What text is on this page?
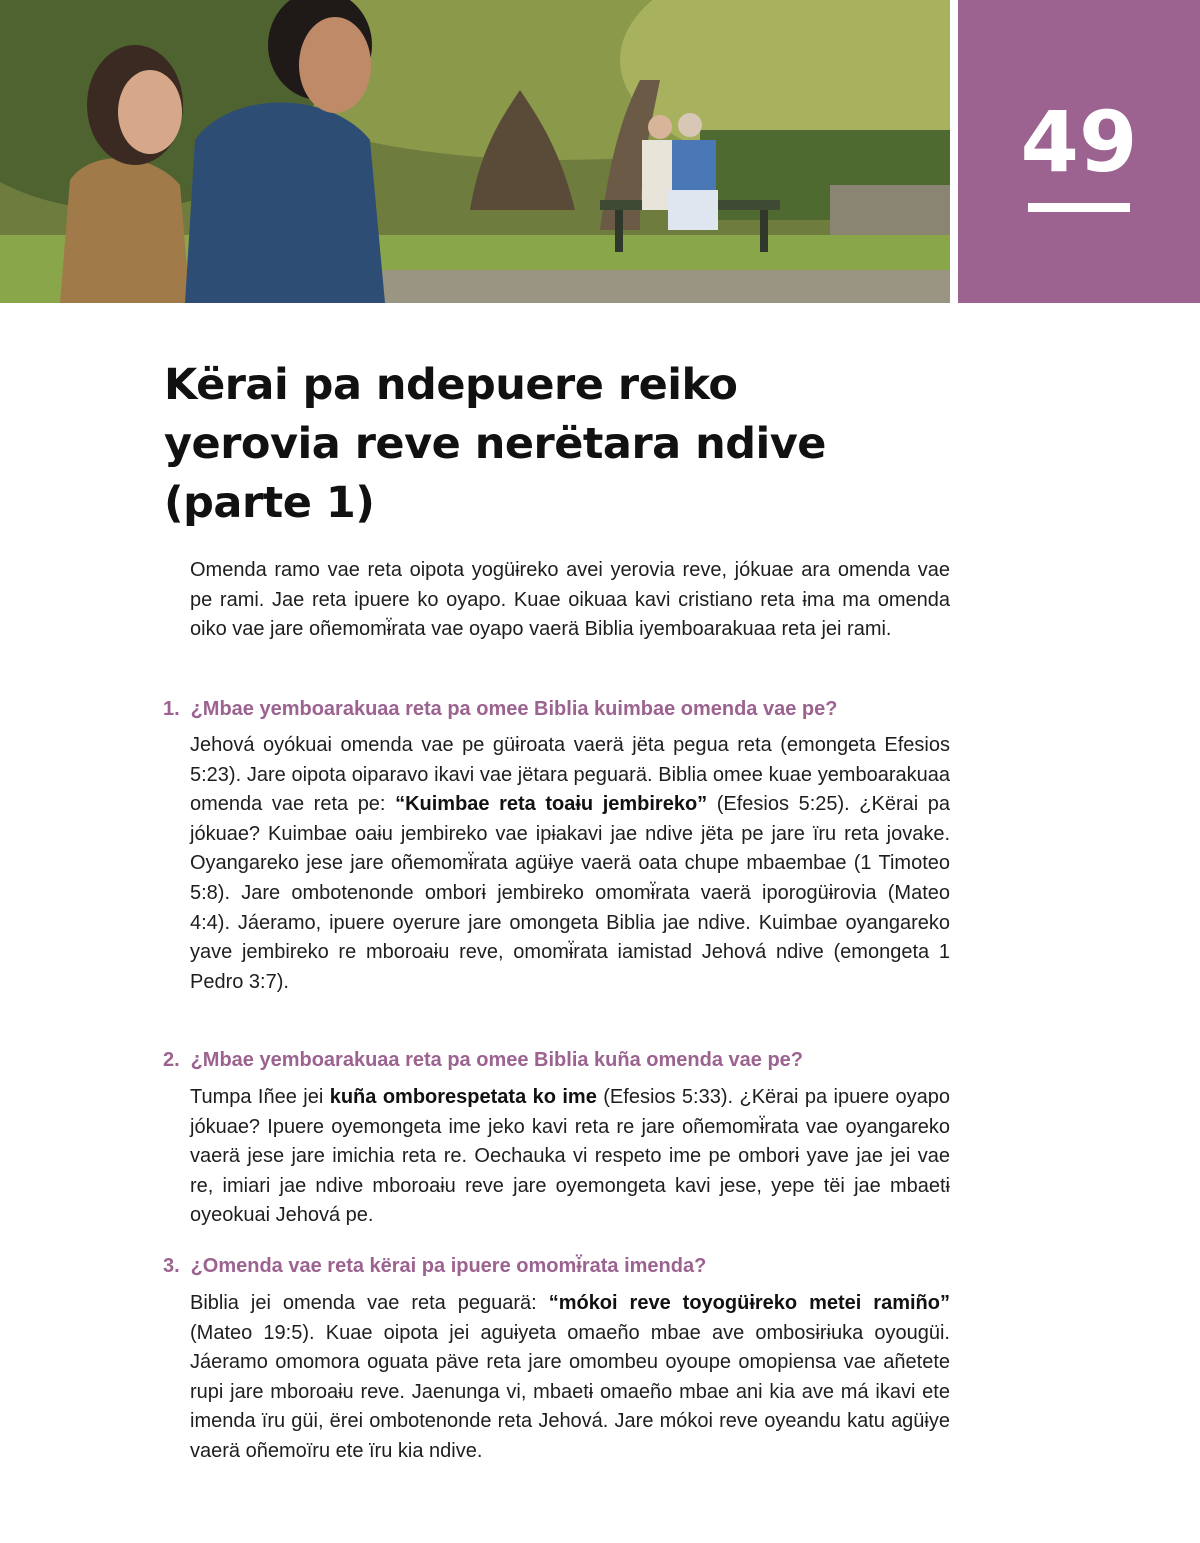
49
Kërai pa ndepuere reiko yerovia reve nerëtara ndive (parte 1)

Omenda ramo vae reta oipota yogüɨreko avei yerovia reve, jókuae ara omenda vae pe rami. Jae reta ipuere ko oyapo. Kuae oikuaa kavi cristiano reta ɨma ma omenda oiko vae jare oñemomɨ̈rata vae oyapo vaerä Biblia iyemboarakuaa reta jei rami.

1. ¿Mbae yemboarakuaa reta pa omee Biblia kuimbae omenda vae pe?

Jehová oyókuai omenda vae pe güɨroata vaerä jëta pegua reta (emongeta Efesios 5:23). Jare oipota oiparavo ikavi vae jëtara peguarä. Biblia omee kuae yemboarakuaa omenda vae reta pe: “Kuimbae reta toaɨu jembireko” (Efesios 5:25). ¿Kërai pa jókuae? Kuimbae oaɨu jembireko vae ipɨakavi jae ndive jëta pe jare ïru reta jovake. Oyangareko jese jare oñemomɨ̈rata agüɨye vaerä oata chupe mbaembae (1 Timoteo 5:8). Jare ombotenonde omborɨ jembireko omomɨ̈rata vaerä iporogüɨrovia (Mateo 4:4). Jáeramo, ipuere oyerure jare omongeta Biblia jae ndive. Kuimbae oyangareko yave jembireko re mboroaɨu reve, omomɨ̈rata iamistad Jehová ndive (emongeta 1 Pedro 3:7).

2. ¿Mbae yemboarakuaa reta pa omee Biblia kuña omenda vae pe?

Tumpa Iñee jei kuña omborespetata ko ime (Efesios 5:33). ¿Kërai pa ipuere oyapo jókuae? Ipuere oyemongeta ime jeko kavi reta re jare oñemomɨ̈rata vae oyangareko vaerä jese jare imichia reta re. Oechauka vi respeto ime pe omborɨ yave jae jei vae re, imiari jae ndive mboroaɨu reve jare oyemongeta kavi jese, yepe tëi jae mbaetɨ oyeokuai Jehová pe.

3. ¿Omenda vae reta kërai pa ipuere omomɨ̈rata imenda?

Biblia jei omenda vae reta peguarä: “mókoi reve toyogüɨreko metei ramiño” (Mateo 19:5). Kuae oipota jei aguɨyeta omaeño mbae ave ombosɨrɨuka oyougüi. Jáeramo omomora oguata päve reta jare omombeu oyoupe omopiensa vae añetete rupi jare mboroaɨu reve. Jaenunga vi, mbaetɨ omaeño mbae ani kia ave má ikavi ete imenda ïru güi, ërei ombotenonde reta Jehová. Jare mókoi reve oyeandu katu agüɨye vaerä oñemoïru ete ïru kia ndive.
